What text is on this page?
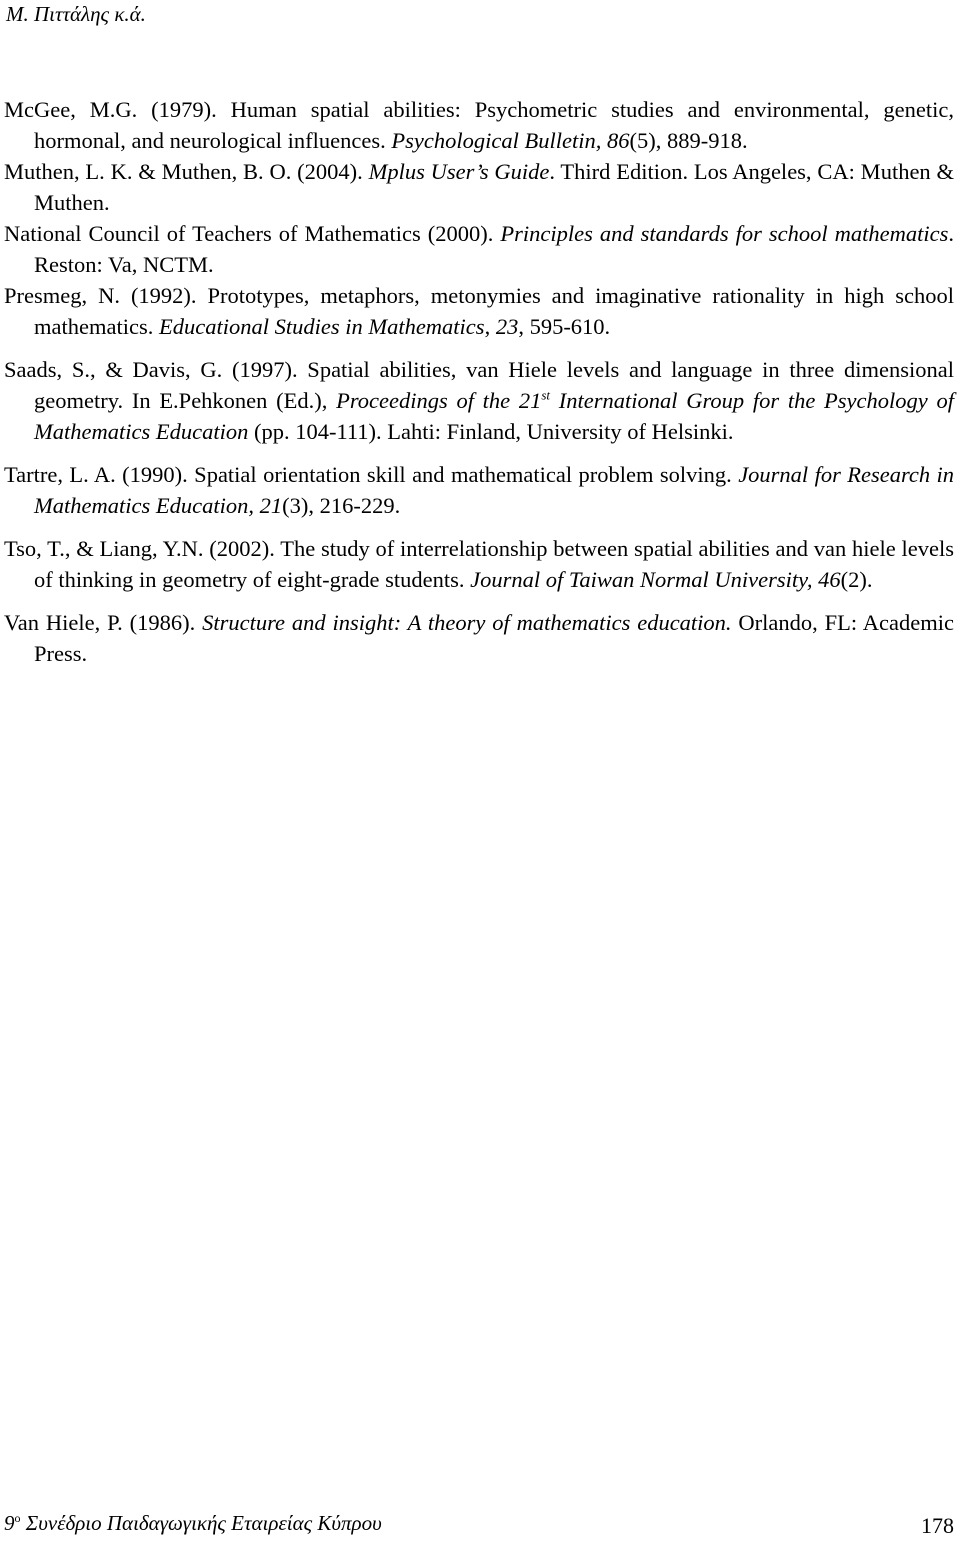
Μ. Πιττάλης κ.ά.

McGee, M.G. (1979). Human spatial abilities: Psychometric studies and environmental, genetic, hormonal, and neurological influences. Psychological Bulletin, 86(5), 889-918.

Muthen, L. K. & Muthen, B. O. (2004). Mplus User’s Guide. Third Edition. Los Angeles, CA: Muthen & Muthen.

National Council of Teachers of Mathematics (2000). Principles and standards for school mathematics. Reston: Va, NCTM.

Presmeg, N. (1992). Prototypes, metaphors, metonymies and imaginative rationality in high school mathematics. Educational Studies in Mathematics, 23, 595-610.

Saads, S., & Davis, G. (1997). Spatial abilities, van Hiele levels and language in three dimensional geometry. In E.Pehkonen (Ed.), Proceedings of the 21st International Group for the Psychology of Mathematics Education (pp. 104-111). Lahti: Finland, University of Helsinki.

Tartre, L. A. (1990). Spatial orientation skill and mathematical problem solving. Journal for Research in Mathematics Education, 21(3), 216-229.

Tso, T., & Liang, Y.N. (2002). The study of interrelationship between spatial abilities and van hiele levels of thinking in geometry of eight-grade students. Journal of Taiwan Normal University, 46(2).

Van Hiele, P. (1986). Structure and insight: A theory of mathematics education. Orlando, FL: Academic Press.

$9^o$ Συνέδριο Παιδαγωγικής Εταιρείας Κύπρου	178
